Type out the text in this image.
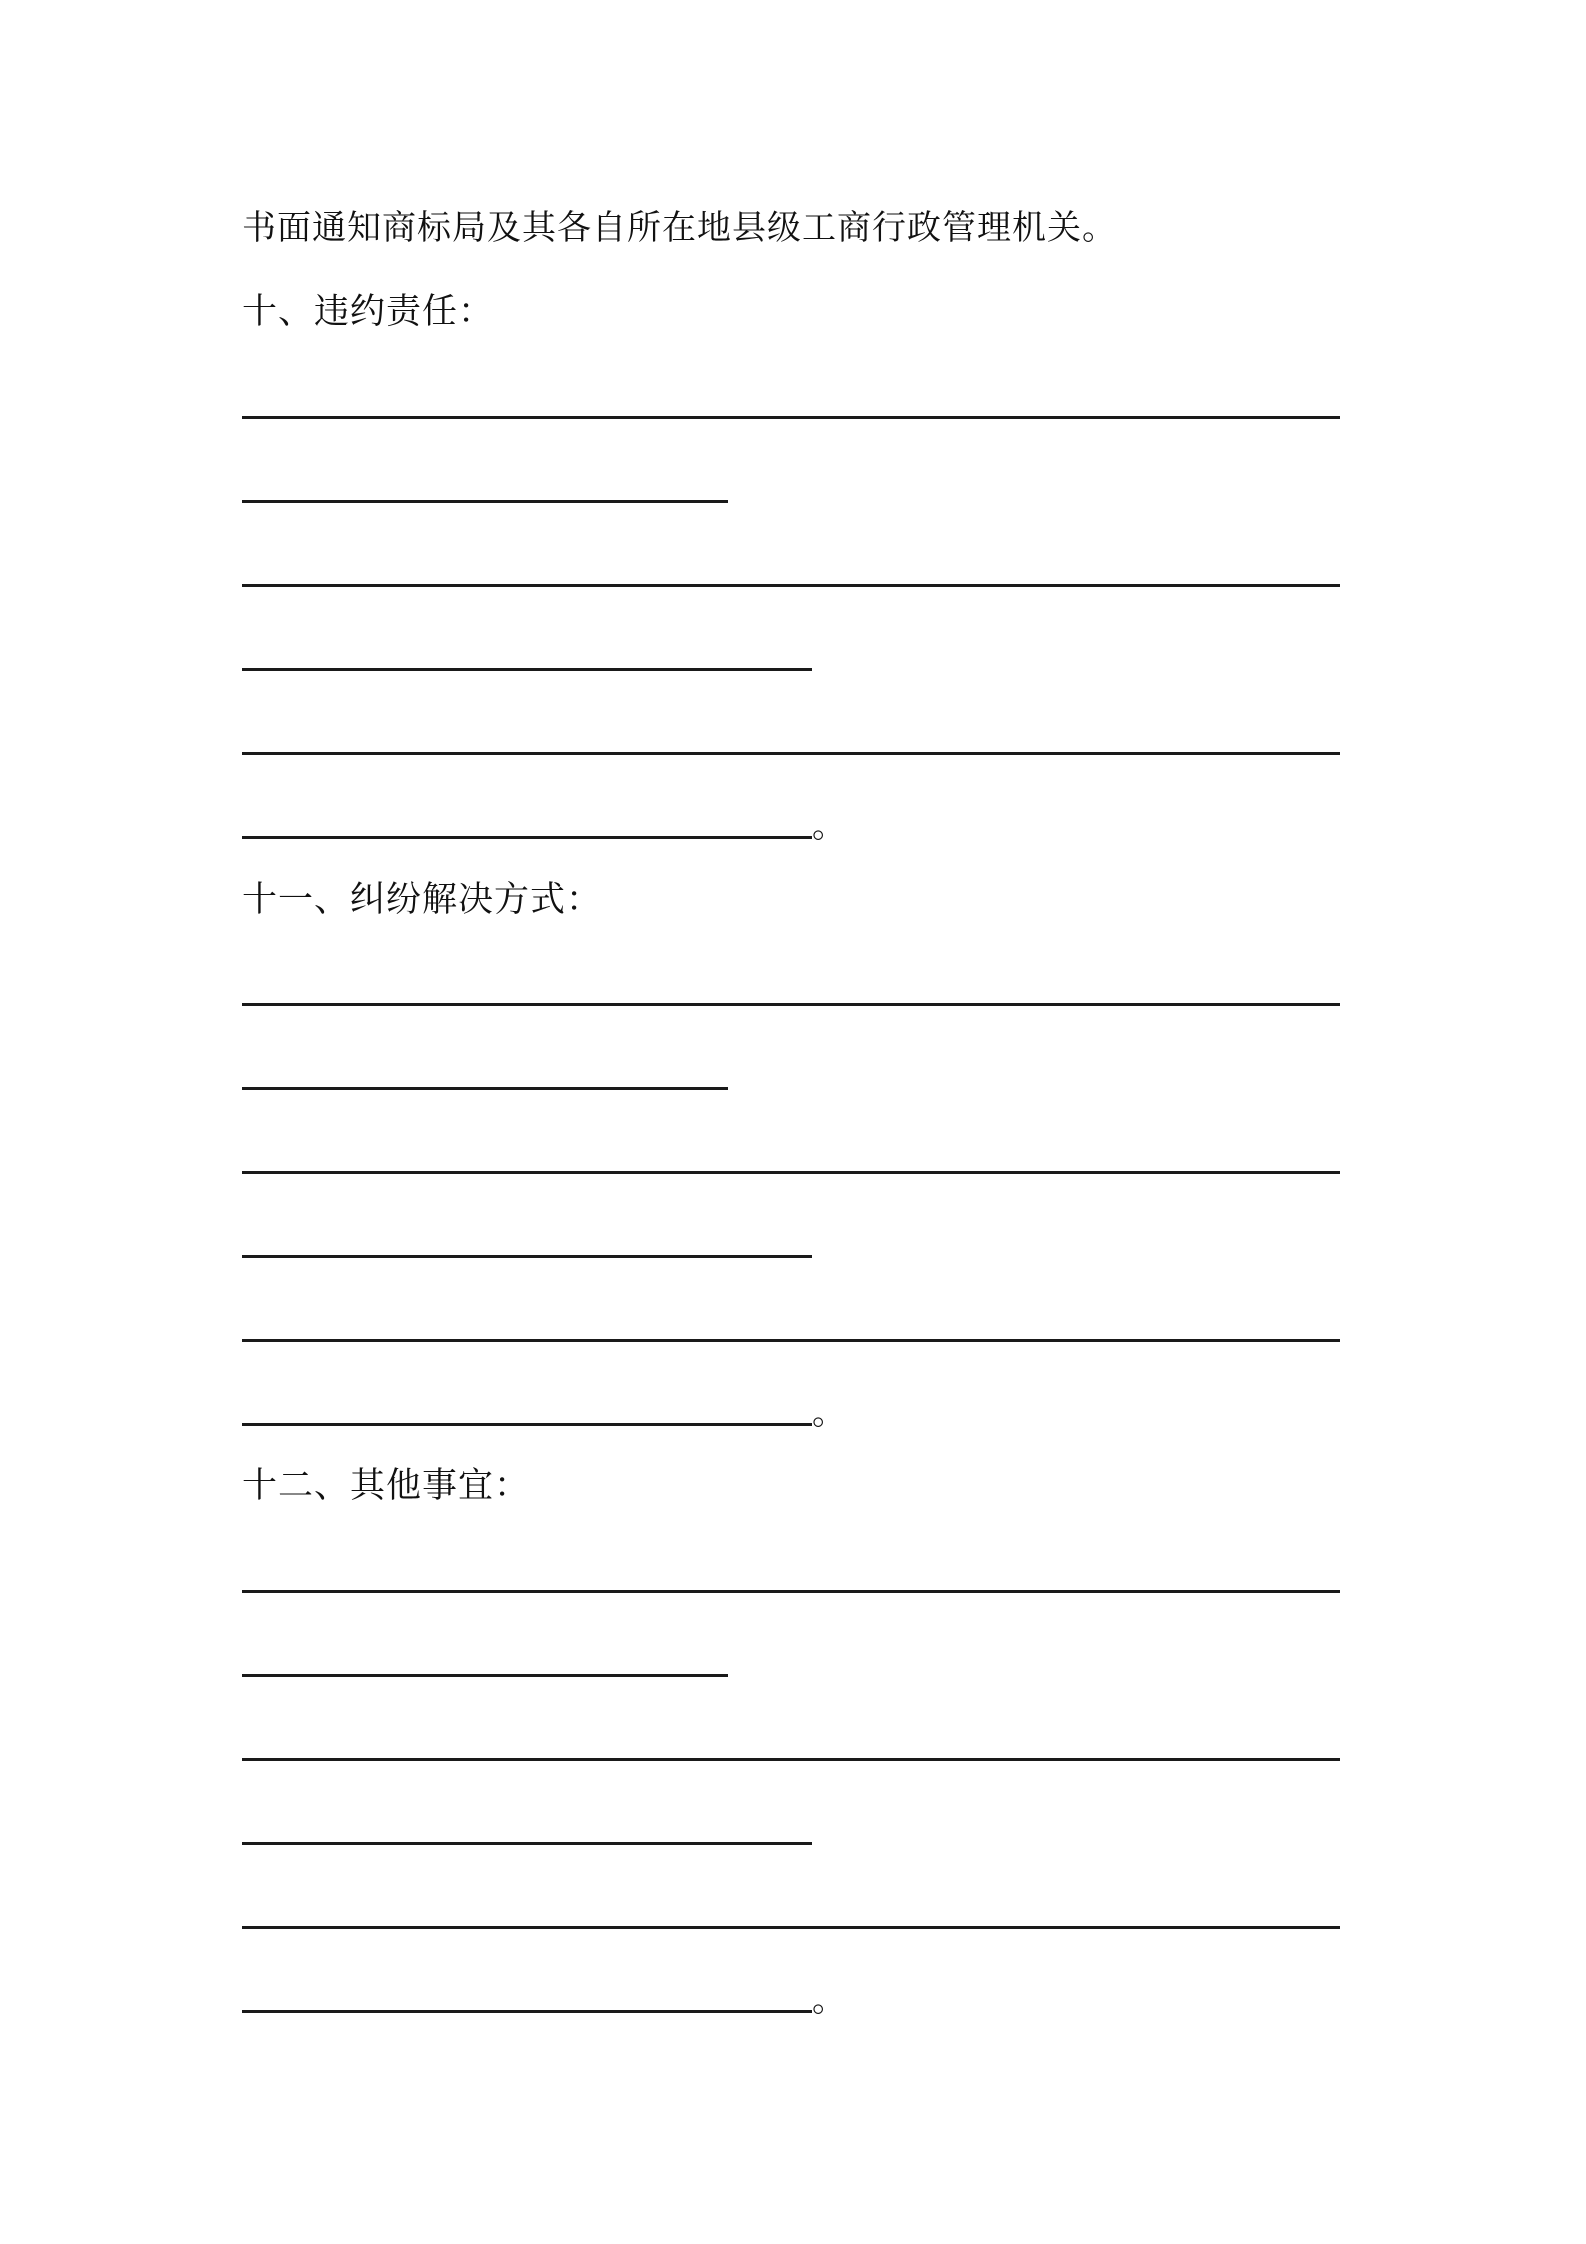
书面通知商标局及其各自所在地县级工商行政管理机关。
十、违约责任：
。
十一、纠纷解决方式：
。
十二、其他事宜：
。
